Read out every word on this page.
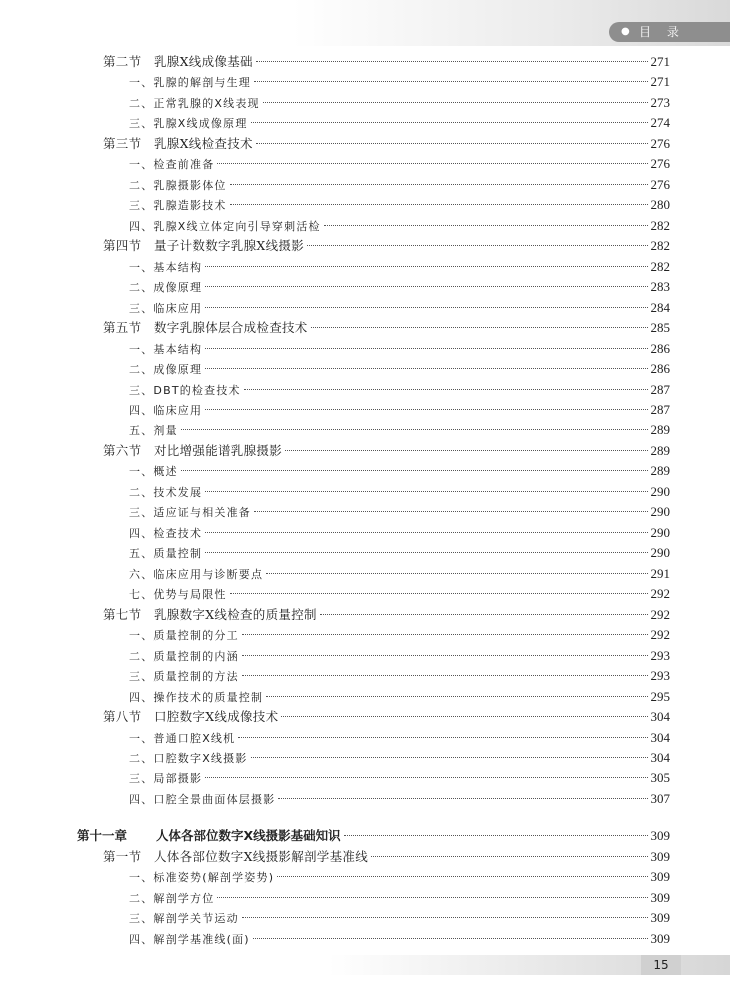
● 目 录
第二节 乳腺X线成像基础	271
一、乳腺的解剖与生理	271
二、正常乳腺的X线表现	273
三、乳腺X线成像原理	274
第三节 乳腺X线检查技术	276
一、检查前准备	276
二、乳腺摄影体位	276
三、乳腺造影技术	280
四、乳腺X线立体定向引导穿刺活检	282
第四节 量子计数数字乳腺X线摄影	282
一、基本结构	282
二、成像原理	283
三、临床应用	284
第五节 数字乳腺体层合成检查技术	285
一、基本结构	286
二、成像原理	286
三、DBT的检查技术	287
四、临床应用	287
五、剂量	289
第六节 对比增强能谱乳腺摄影	289
一、概述	289
二、技术发展	290
三、适应证与相关准备	290
四、检查技术	290
五、质量控制	290
六、临床应用与诊断要点	291
七、优势与局限性	292
第七节 乳腺数字X线检查的质量控制	292
一、质量控制的分工	292
二、质量控制的内涵	293
三、质量控制的方法	293
四、操作技术的质量控制	295
第八节 口腔数字X线成像技术	304
一、普通口腔X线机	304
二、口腔数字X线摄影	304
三、局部摄影	305
四、口腔全景曲面体层摄影	307
第十一章 人体各部位数字X线摄影基础知识	309
第一节 人体各部位数字X线摄影解剖学基准线	309
一、标准姿势(解剖学姿势)	309
二、解剖学方位	309
三、解剖学关节运动	309
四、解剖学基准线(面)	309
15
